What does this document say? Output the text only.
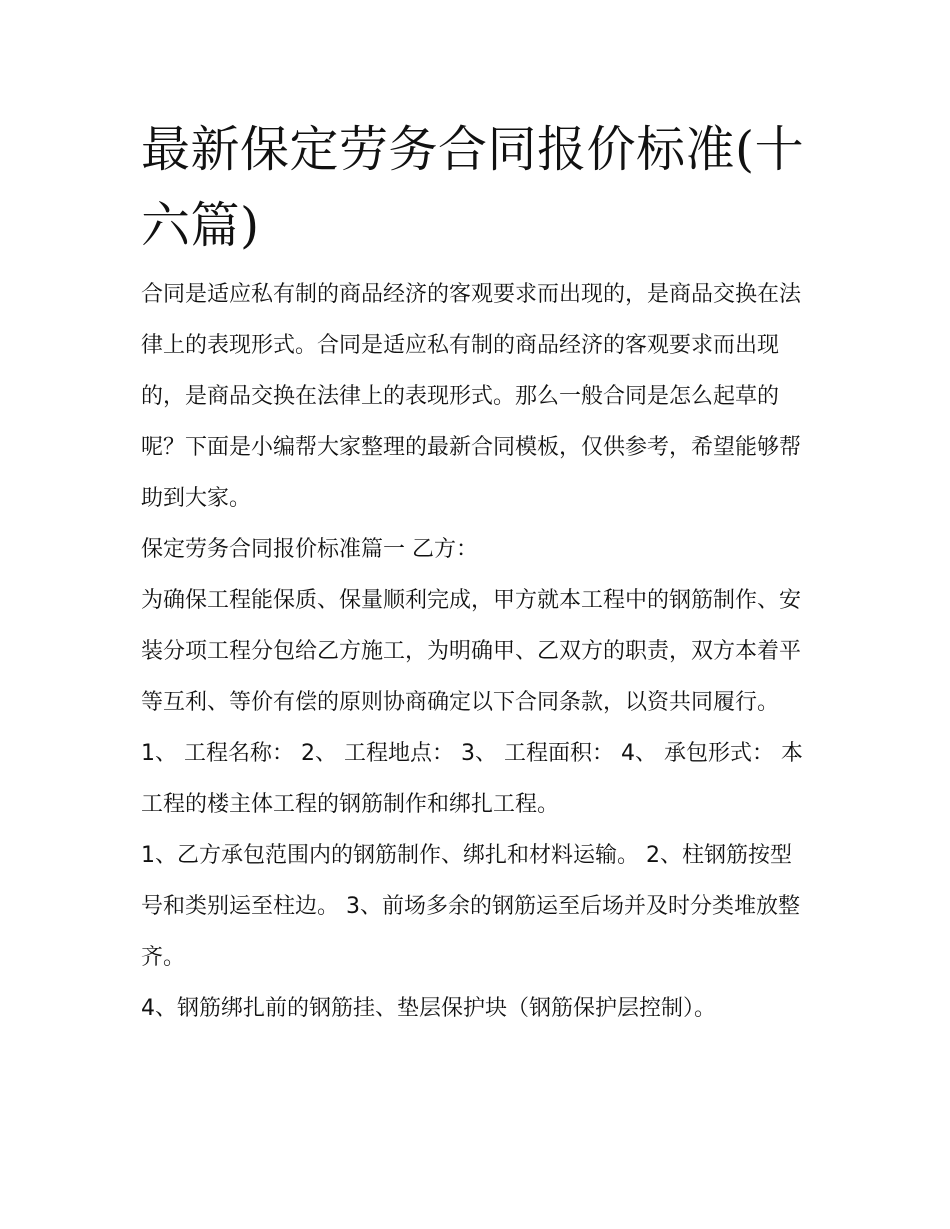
最新保定劳务合同报价标准(十六篇)

合同是适应私有制的商品经济的客观要求而出现的，是商品交换在法律上的表现形式。合同是适应私有制的商品经济的客观要求而出现的，是商品交换在法律上的表现形式。那么一般合同是怎么起草的呢？下面是小编帮大家整理的最新合同模板，仅供参考，希望能够帮助到大家。

保定劳务合同报价标准篇一 乙方：

为确保工程能保质、保量顺利完成，甲方就本工程中的钢筋制作、安装分项工程分包给乙方施工，为明确甲、乙双方的职责，双方本着平等互利、等价有偿的原则协商确定以下合同条款，以资共同履行。

1、 工程名称： 2、 工程地点： 3、 工程面积： 4、 承包形式： 本工程的楼主体工程的钢筋制作和绑扎工程。

1、乙方承包范围内的钢筋制作、绑扎和材料运输。 2、柱钢筋按型号和类别运至柱边。 3、前场多余的钢筋运至后场并及时分类堆放整齐。

4、钢筋绑扎前的钢筋挂、垫层保护块（钢筋保护层控制）。
